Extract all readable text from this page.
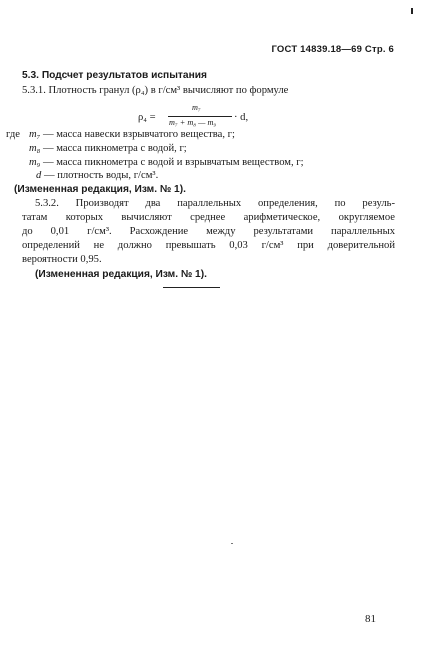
ГОСТ 14839.18—69 Стр. 6
5.3. Подсчет результатов испытания
5.3.1. Плотность гранул (ρ₄) в г/см³ вычисляют по формуле
ρ₄ =
m₇
m₇ + m₈ — m₉ · d,
где m₇ — масса навески взрывчатого вещества, г;
m₈ — масса пикнометра с водой, г;
m₉ — масса пикнометра с водой и взрывчатым веществом, г;
d — плотность воды, г/см³.
(Измененная редакция, Изм. № 1).
5.3.2. Производят два параллельных определения, по резуль-
татам которых вычисляют среднее арифметическое, округляемое
до 0,01 г/см³. Расхождение между результатами параллельных
определений не должно превышать 0,03 г/см³ при доверительной
вероятности 0,95.
(Измененная редакция, Изм. № 1).
81
